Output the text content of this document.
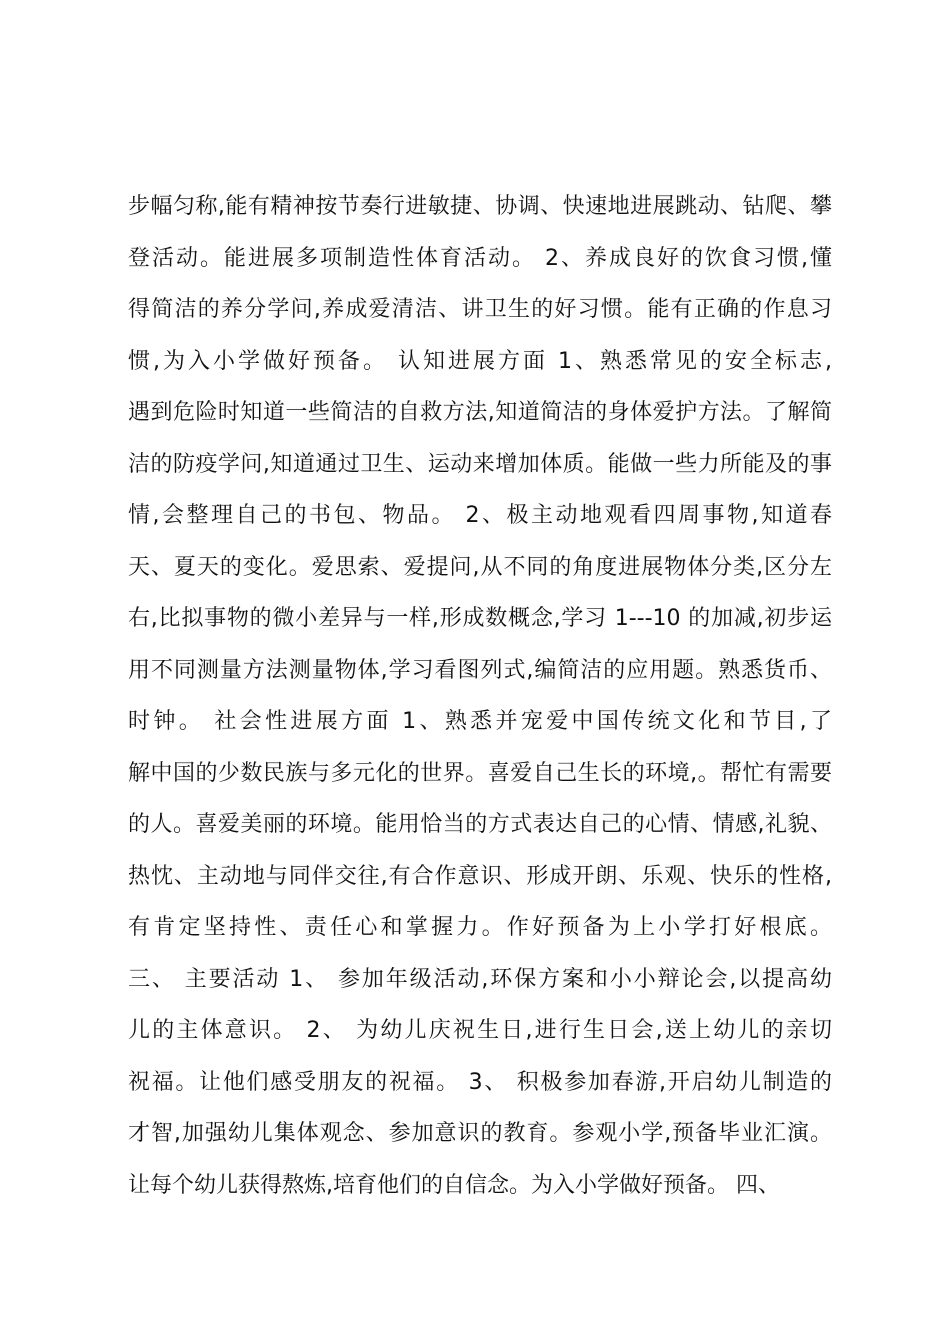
步幅匀称,能有精神按节奏行进敏捷、协调、快速地进展跳动、钻爬、攀
登活动。能进展多项制造性体育活动。 2、养成良好的饮食习惯,懂
得简洁的养分学问,养成爱清洁、讲卫生的好习惯。能有正确的作息习
惯,为入小学做好预备。 认知进展方面 1、熟悉常见的安全标志,
遇到危险时知道一些简洁的自救方法,知道简洁的身体爱护方法。了解简
洁的防疫学问,知道通过卫生、运动来增加体质。能做一些力所能及的事
情,会整理自己的书包、物品。 2、极主动地观看四周事物,知道春
天、夏天的变化。爱思索、爱提问,从不同的角度进展物体分类,区分左
右,比拟事物的微小差异与一样,形成数概念,学习 1---10 的加减,初步运
用不同测量方法测量物体,学习看图列式,编简洁的应用题。熟悉货币、
时钟。 社会性进展方面 1、熟悉并宠爱中国传统文化和节目,了
解中国的少数民族与多元化的世界。喜爱自己生长的环境,。帮忙有需要
的人。喜爱美丽的环境。能用恰当的方式表达自己的心情、情感,礼貌、
热忱、主动地与同伴交往,有合作意识、形成开朗、乐观、快乐的性格,
有肯定坚持性、责任心和掌握力。作好预备为上小学打好根底。
三、 主要活动 1、 参加年级活动,环保方案和小小辩论会,以提高幼
儿的主体意识。 2、 为幼儿庆祝生日,进行生日会,送上幼儿的亲切
祝福。让他们感受朋友的祝福。 3、 积极参加春游,开启幼儿制造的
才智,加强幼儿集体观念、参加意识的教育。参观小学,预备毕业汇演。
让每个幼儿获得熬炼,培育他们的自信念。为入小学做好预备。 四、
